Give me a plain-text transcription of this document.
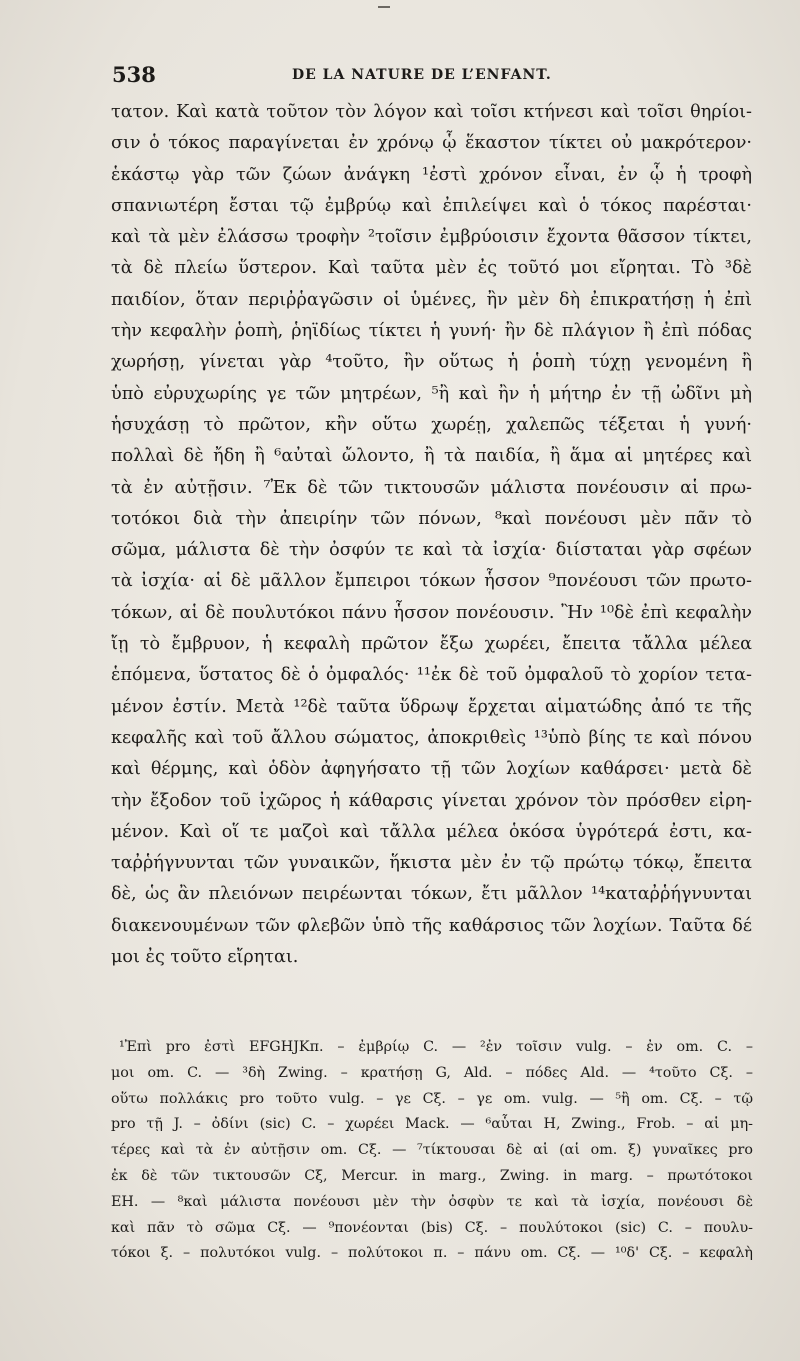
538	DE LA NATURE DE L’ENFANT.
τατον. Καὶ κατὰ τοῦτον τὸν λόγον καὶ τοῖσι κτήνεσι καὶ τοῖσι θηρίοι-
σιν ὁ τόκος παραγίνεται ἐν χρόνῳ ᾧ ἕκαστον τίκτει οὐ μακρότερον·
ἑκάστῳ γὰρ τῶν ζώων ἀνάγκη ¹ἐστὶ χρόνον εἶναι, ἐν ᾧ ἡ τροφὴ
σπανιωτέρη ἔσται τῷ ἐμβρύῳ καὶ ἐπιλείψει καὶ ὁ τόκος παρέσται·
καὶ τὰ μὲν ἐλάσσω τροφὴν ²τοῖσιν ἐμβρύοισιν ἔχοντα θᾶσσον τίκτει,
τὰ δὲ πλείω ὕστερον. Καὶ ταῦτα μὲν ἐς τοῦτό μοι εἴρηται. Τὸ ³δὲ
παιδίον, ὅταν περιῤῥαγῶσιν οἱ ὑμένες, ἢν μὲν δὴ ἐπικρατήσῃ ἡ ἐπὶ
τὴν κεφαλὴν ῥοπὴ, ῥηϊδίως τίκτει ἡ γυνή· ἢν δὲ πλάγιον ἢ ἐπὶ πόδας
χωρήσῃ, γίνεται γὰρ ⁴τοῦτο, ἢν οὕτως ἡ ῥοπὴ τύχῃ γενομένη ἢ
ὑπὸ εὐρυχωρίης γε τῶν μητρέων, ⁵ἢ καὶ ἢν ἡ μήτηρ ἐν τῇ ὠδῖνι μὴ
ἡσυχάσῃ τὸ πρῶτον, κἢν οὕτω χωρέῃ, χαλεπῶς τέξεται ἡ γυνή·
πολλαὶ δὲ ἤδη ἢ ⁶αὐταὶ ὤλοντο, ἢ τὰ παιδία, ἢ ἅμα αἱ μητέρες καὶ
τὰ ἐν αὐτῇσιν. ⁷Ἐκ δὲ τῶν τικτουσῶν μάλιστα πονέουσιν αἱ πρω-
τοτόκοι διὰ τὴν ἀπειρίην τῶν πόνων, ⁸καὶ πονέουσι μὲν πᾶν τὸ
σῶμα, μάλιστα δὲ τὴν ὀσφύν τε καὶ τὰ ἰσχία· διίσταται γὰρ σφέων
τὰ ἰσχία· αἱ δὲ μᾶλλον ἔμπειροι τόκων ἧσσον ⁹πονέουσι τῶν πρωτο-
τόκων, αἱ δὲ πουλυτόκοι πάνυ ἧσσον πονέουσιν. Ἢν ¹⁰δὲ ἐπὶ κεφαλὴν
ἴῃ τὸ ἔμβρυον, ἡ κεφαλὴ πρῶτον ἔξω χωρέει, ἔπειτα τἄλλα μέλεα
ἑπόμενα, ὕστατος δὲ ὁ ὀμφαλός· ¹¹ἐκ δὲ τοῦ ὀμφαλοῦ τὸ χορίον τετα-
μένον ἐστίν. Μετὰ ¹²δὲ ταῦτα ὕδρωψ ἔρχεται αἱματώδης ἀπό τε τῆς
κεφαλῆς καὶ τοῦ ἄλλου σώματος, ἀποκριθεὶς ¹³ὑπὸ βίης τε καὶ πόνου
καὶ θέρμης, καὶ ὁδὸν ἀφηγήσατο τῇ τῶν λοχίων καθάρσει· μετὰ δὲ
τὴν ἔξοδον τοῦ ἰχῶρος ἡ κάθαρσις γίνεται χρόνον τὸν πρόσθεν εἰρη-
μένον. Καὶ οἵ τε μαζοὶ καὶ τἄλλα μέλεα ὁκόσα ὑγρότερά ἐστι, κα-
ταῤῥήγνυνται τῶν γυναικῶν, ἥκιστα μὲν ἐν τῷ πρώτῳ τόκῳ, ἔπειτα
δὲ, ὡς ἂν πλειόνων πειρέωνται τόκων, ἔτι μᾶλλον ¹⁴καταῤῥήγνυνται
διακενουμένων τῶν φλεβῶν ὑπὸ τῆς καθάρσιος τῶν λοχίων. Ταῦτα δέ
μοι ἐς τοῦτο εἴρηται.
¹Ἐπὶ pro ἐστὶ EFGHJKπ. – ἐμβρίῳ C. — ²ἐν τοῖσιν vulg. – ἐν om. C. –
μοι om. C. — ³δὴ Zwing. – κρατήσῃ G, Ald. – πόδες Ald. — ⁴τοῦτο Cξ. –
οὕτω πολλάκις pro τοῦτο vulg. – γε Cξ. – γε om. vulg. — ⁵ἢ om. Cξ. – τῷ
pro τῇ J. – ὀδίνι (sic) C. – χωρέει Mack. — ⁶αὗται H, Zwing., Frob. – αἱ μη-
τέρες καὶ τὰ ἐν αὐτῇσιν om. Cξ. — ⁷τίκτουσαι δὲ αἱ (αἱ om. ξ) γυναῖκες pro
ἐκ δὲ τῶν τικτουσῶν Cξ, Mercur. in marg., Zwing. in marg. – πρωτότοκοι
EH. — ⁸καὶ μάλιστα πονέουσι μὲν τὴν ὀσφὺν τε καὶ τὰ ἰσχία, πονέουσι δὲ
καὶ πᾶν τὸ σῶμα Cξ. — ⁹πονέονται (bis) Cξ. – πουλύτοκοι (sic) C. – πουλυ-
τόκοι ξ. – πολυτόκοι vulg. – πολύτοκοι π. – πάνυ om. Cξ. — ¹⁰δ' Cξ. – κεφαλὴ
